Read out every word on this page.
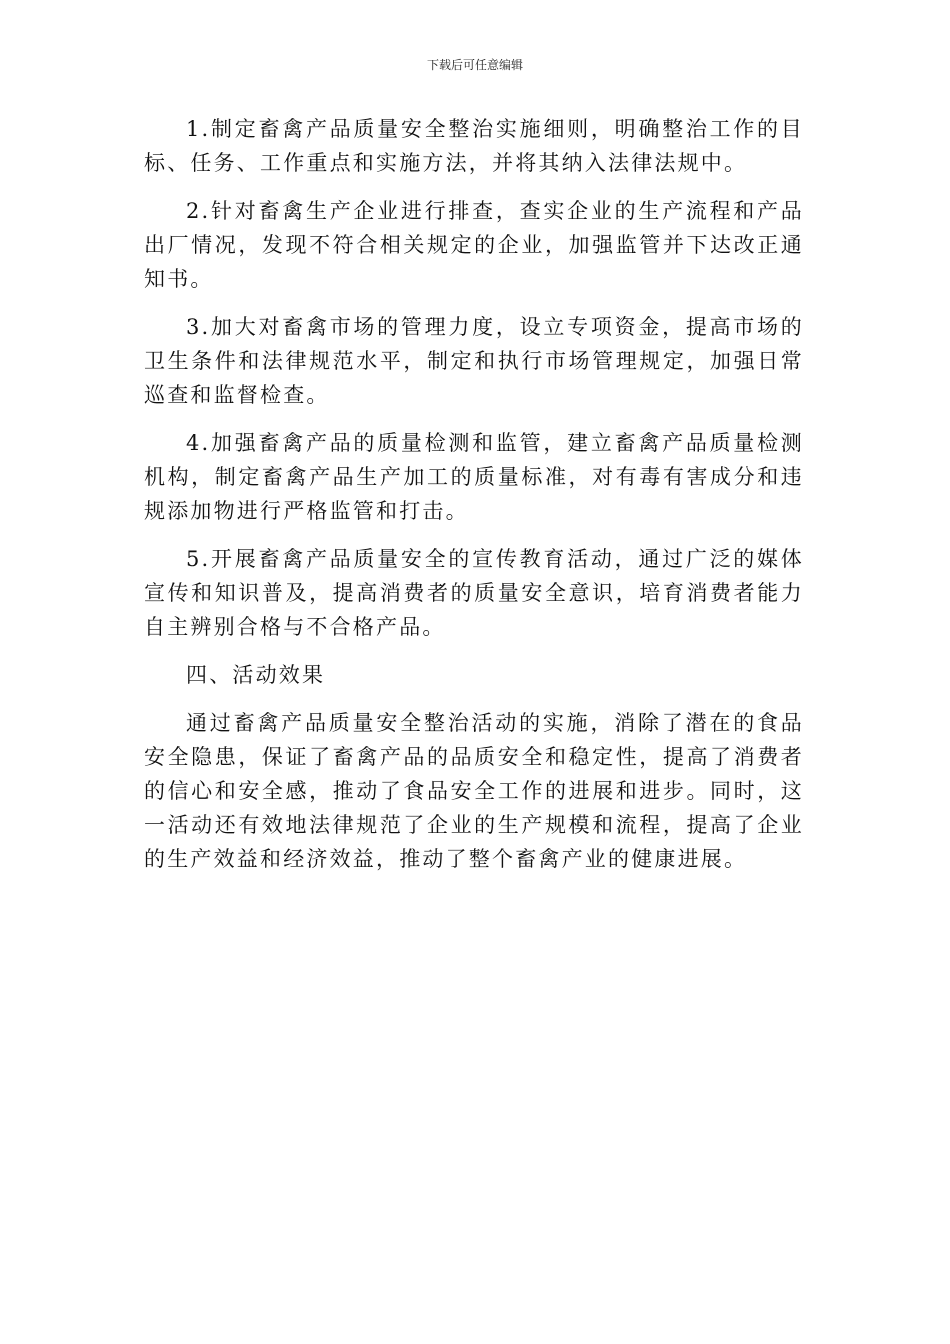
下载后可任意编辑

1.制定畜禽产品质量安全整治实施细则，明确整治工作的目标、任务、工作重点和实施方法，并将其纳入法律法规中。

2.针对畜禽生产企业进行排查，查实企业的生产流程和产品出厂情况，发现不符合相关规定的企业，加强监管并下达改正通知书。

3.加大对畜禽市场的管理力度，设立专项资金，提高市场的卫生条件和法律规范水平，制定和执行市场管理规定，加强日常巡查和监督检查。

4.加强畜禽产品的质量检测和监管，建立畜禽产品质量检测机构，制定畜禽产品生产加工的质量标准，对有毒有害成分和违规添加物进行严格监管和打击。

5.开展畜禽产品质量安全的宣传教育活动，通过广泛的媒体宣传和知识普及，提高消费者的质量安全意识，培育消费者能力自主辨别合格与不合格产品。

四、活动效果

通过畜禽产品质量安全整治活动的实施，消除了潜在的食品安全隐患，保证了畜禽产品的品质安全和稳定性，提高了消费者的信心和安全感，推动了食品安全工作的进展和进步。同时，这一活动还有效地法律规范了企业的生产规模和流程，提高了企业的生产效益和经济效益，推动了整个畜禽产业的健康进展。
